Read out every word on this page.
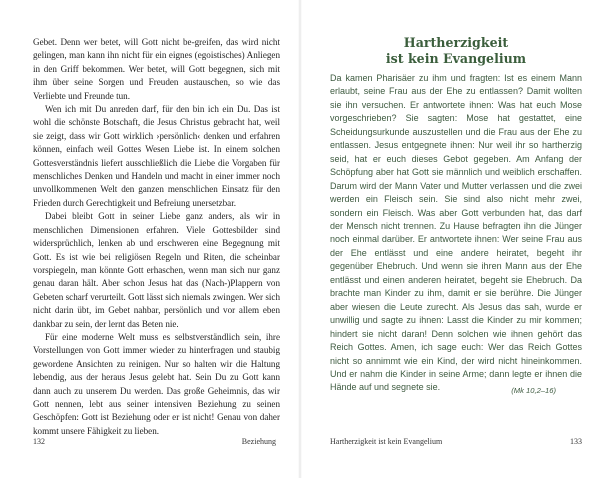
Gebet. Denn wer betet, will Gott nicht be-greifen, das wird nicht gelingen, man kann ihn nicht für ein eignes (egoistisches) Anliegen in den Griff bekommen. Wer betet, will Gott begegnen, sich mit ihm über seine Sorgen und Freuden austauschen, so wie das Verliebte und Freunde tun.

Wen ich mit Du anreden darf, für den bin ich ein Du. Das ist wohl die schönste Botschaft, die Jesus Christus gebracht hat, weil sie zeigt, dass wir Gott wirklich ›persönlich‹ denken und erfahren können, einfach weil Gottes Wesen Liebe ist. In einem solchen Gottesverständnis liefert ausschließlich die Liebe die Vorgaben für menschliches Denken und Handeln und macht in einer immer noch unvollkommenen Welt den ganzen menschlichen Einsatz für den Frieden durch Gerechtigkeit und Befreiung unersetzbar.

Dabei bleibt Gott in seiner Liebe ganz anders, als wir in menschlichen Dimensionen erfahren. Viele Gottesbilder sind widersprüchlich, lenken ab und erschweren eine Begegnung mit Gott. Es ist wie bei religiösen Regeln und Riten, die scheinbar vorspiegeln, man könnte Gott erhaschen, wenn man sich nur ganz genau daran hält. Aber schon Jesus hat das (Nach-)Plappern von Gebeten scharf verurteilt. Gott lässt sich niemals zwingen. Wer sich nicht darin übt, im Gebet nahbar, persönlich und vor allem eben dankbar zu sein, der lernt das Beten nie.

Für eine moderne Welt muss es selbstverständlich sein, ihre Vorstellungen von Gott immer wieder zu hinterfragen und staubig gewordene Ansichten zu reinigen. Nur so halten wir die Haltung lebendig, aus der heraus Jesus gelebt hat. Sein Du zu Gott kann dann auch zu unserem Du werden. Das große Geheimnis, das wir Gott nennen, lebt aus seiner intensiven Beziehung zu seinen Geschöpfen: Gott ist Beziehung oder er ist nicht! Genau von daher kommt unsere Fähigkeit zu lieben.

132	Beziehung
Hartherzigkeit
ist kein Evangelium

Da kamen Pharisäer zu ihm und fragten: Ist es einem Mann erlaubt, seine Frau aus der Ehe zu entlassen? Damit wollten sie ihn versuchen. Er antwortete ihnen: Was hat euch Mose vorgeschrieben? Sie sagten: Mose hat gestattet, eine Scheidungsurkunde auszustellen und die Frau aus der Ehe zu entlassen. Jesus entgegnete ihnen: Nur weil ihr so hartherzig seid, hat er euch dieses Gebot gegeben. Am Anfang der Schöpfung aber hat Gott sie männlich und weiblich erschaffen. Darum wird der Mann Vater und Mutter verlassen und die zwei werden ein Fleisch sein. Sie sind also nicht mehr zwei, sondern ein Fleisch. Was aber Gott verbunden hat, das darf der Mensch nicht trennen. Zu Hause befragten ihn die Jünger noch einmal darüber. Er antwortete ihnen: Wer seine Frau aus der Ehe entlässt und eine andere heiratet, begeht ihr gegenüber Ehebruch. Und wenn sie ihren Mann aus der Ehe entlässt und einen anderen heiratet, begeht sie Ehebruch. Da brachte man Kinder zu ihm, damit er sie berühre. Die Jünger aber wiesen die Leute zurecht. Als Jesus das sah, wurde er unwillig und sagte zu ihnen: Lasst die Kinder zu mir kommen; hindert sie nicht daran! Denn solchen wie ihnen gehört das Reich Gottes. Amen, ich sage euch: Wer das Reich Gottes nicht so annimmt wie ein Kind, der wird nicht hineinkommen. Und er nahm die Kinder in seine Arme; dann legte er ihnen die Hände auf und segnete sie.	(Mk 10,2–16)
Hartherzigkeit ist kein Evangelium	133
